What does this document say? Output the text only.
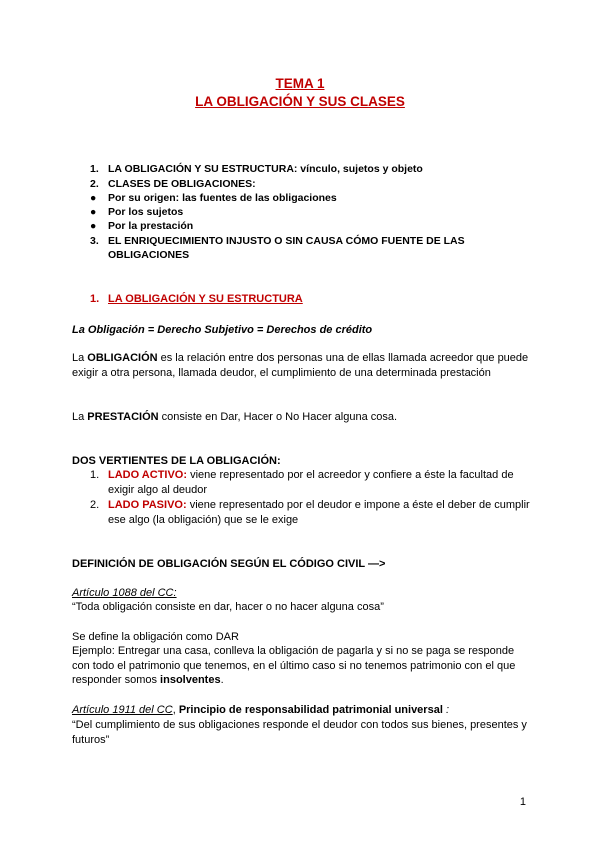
TEMA 1
LA OBLIGACIÓN Y SUS CLASES
1. LA OBLIGACIÓN Y SU ESTRUCTURA: vínculo, sujetos y objeto
2. CLASES DE OBLIGACIONES:
● Por su origen: las fuentes de las obligaciones
● Por los sujetos
● Por la prestación
3. EL ENRIQUECIMIENTO INJUSTO O SIN CAUSA CÓMO FUENTE DE LAS OBLIGACIONES
1. LA OBLIGACIÓN Y SU ESTRUCTURA
La Obligación = Derecho Subjetivo = Derechos de crédito
La OBLIGACIÓN es la relación entre dos personas una de ellas llamada acreedor que puede exigir a otra persona, llamada deudor, el cumplimiento de una determinada prestación
La PRESTACIÓN consiste en Dar, Hacer o No Hacer alguna cosa.
DOS VERTIENTES DE LA OBLIGACIÓN:
1. LADO ACTIVO: viene representado por el acreedor y confiere a éste la facultad de exigir algo al deudor
2. LADO PASIVO: viene representado por el deudor e impone a éste el deber de cumplir ese algo (la obligación) que se le exige
DEFINICIÓN DE OBLIGACIÓN SEGÚN EL CÓDIGO CIVIL —>
Artículo 1088 del CC:
“Toda obligación consiste en dar, hacer o no hacer alguna cosa”
Se define la obligación como DAR
Ejemplo: Entregar una casa, conlleva la obligación de pagarla y si no se paga se responde con todo el patrimonio que tenemos, en el último caso si no tenemos patrimonio con el que responder somos insolventes.
Artículo 1911 del CC, Principio de responsabilidad patrimonial universal :
“Del cumplimiento de sus obligaciones responde el deudor con todos sus bienes, presentes y futuros”
1
